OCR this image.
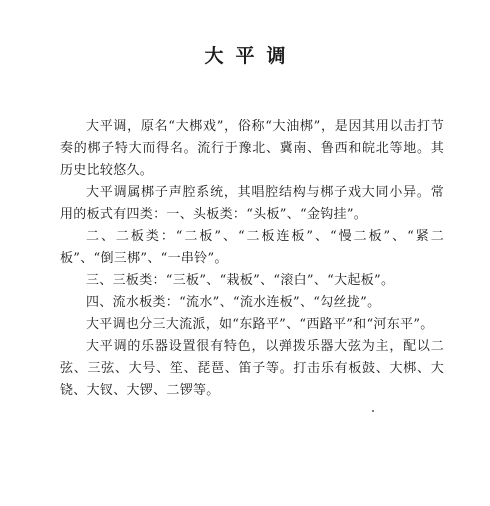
大平调

大平调，原名“大梆戏”，俗称“大油梆”，是因其用以击打节奏的梆子特大而得名。流行于豫北、冀南、鲁西和皖北等地。其历史比较悠久。

大平调属梆子声腔系统，其唱腔结构与梆子戏大同小异。常用的板式有四类：一、头板类：“头板”、“金钩挂”。

二、二板类：“二板”、“二板连板”、“慢二板”、“紧二板”、“倒三梆”、“一串铃”。

三、三板类：“三板”、“栽板”、“滚白”、“大起板”。

四、流水板类：“流水”、“流水连板”、“勾丝拢”。

大平调也分三大流派，如“东路平”、“西路平”和“河东平”。

大平调的乐器设置很有特色，以弹拨乐器大弦为主，配以二弦、三弦、大号、笙、琵琶、笛子等。打击乐有板鼓、大梆、大铙、大钗、大锣、二锣等。
